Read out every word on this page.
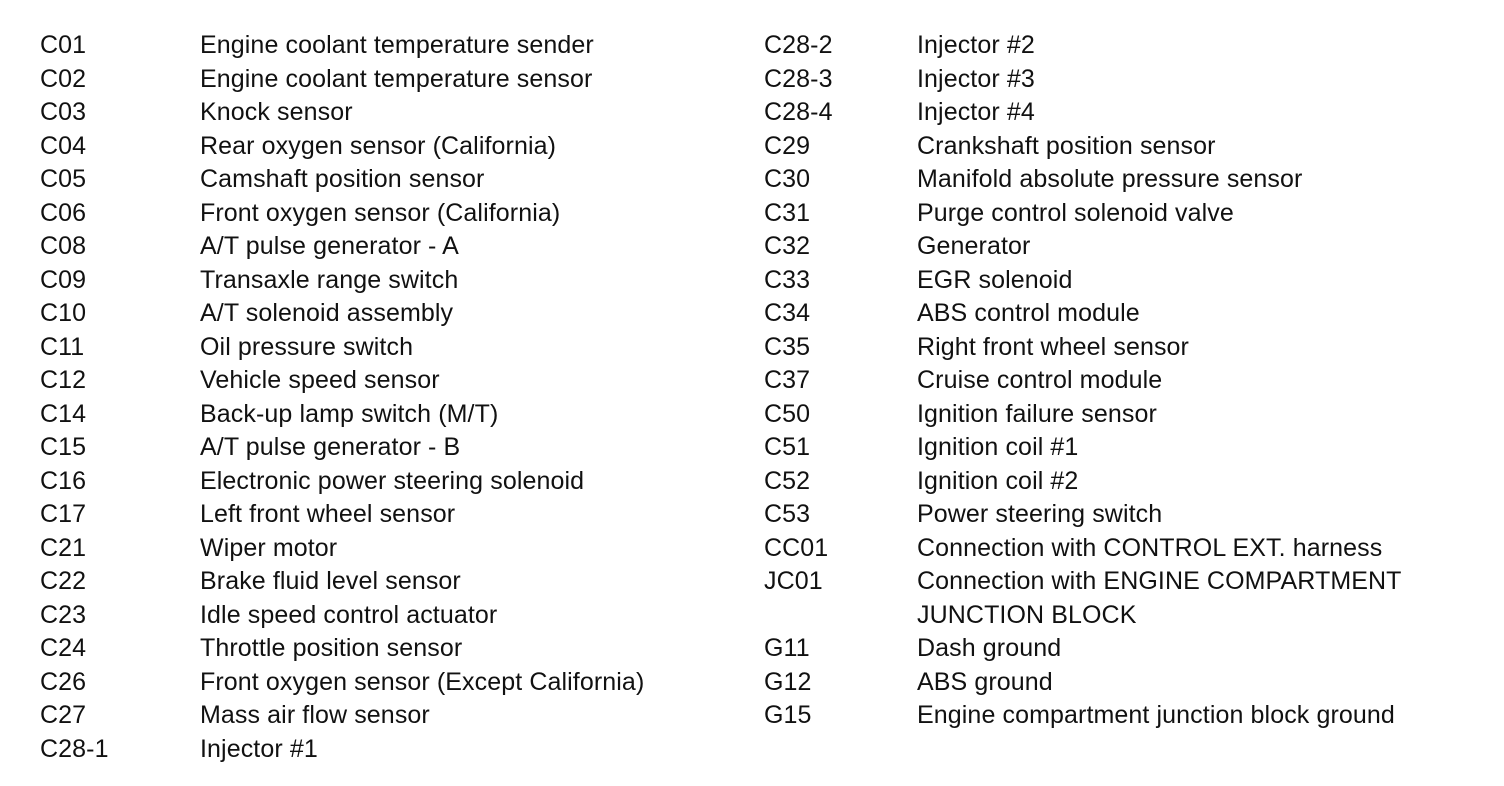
C01	Engine coolant temperature sender
C02	Engine coolant temperature sensor
C03	Knock sensor
C04	Rear oxygen sensor (California)
C05	Camshaft position sensor
C06	Front oxygen sensor (California)
C08	A/T pulse generator - A
C09	Transaxle range switch
C10	A/T solenoid assembly
C11	Oil pressure switch
C12	Vehicle speed sensor
C14	Back-up lamp switch (M/T)
C15	A/T pulse generator - B
C16	Electronic power steering solenoid
C17	Left front wheel sensor
C21	Wiper motor
C22	Brake fluid level sensor
C23	Idle speed control actuator
C24	Throttle position sensor
C26	Front oxygen sensor (Except California)
C27	Mass air flow sensor
C28-1	Injector #1
C28-2	Injector #2
C28-3	Injector #3
C28-4	Injector #4
C29	Crankshaft position sensor
C30	Manifold absolute pressure sensor
C31	Purge control solenoid valve
C32	Generator
C33	EGR solenoid
C34	ABS control module
C35	Right front wheel sensor
C37	Cruise control module
C50	Ignition failure sensor
C51	Ignition coil #1
C52	Ignition coil #2
C53	Power steering switch
CC01	Connection with CONTROL EXT. harness
JC01	Connection with ENGINE COMPARTMENT
JUNCTION BLOCK
G11	Dash ground
G12	ABS ground
G15	Engine compartment junction block ground
